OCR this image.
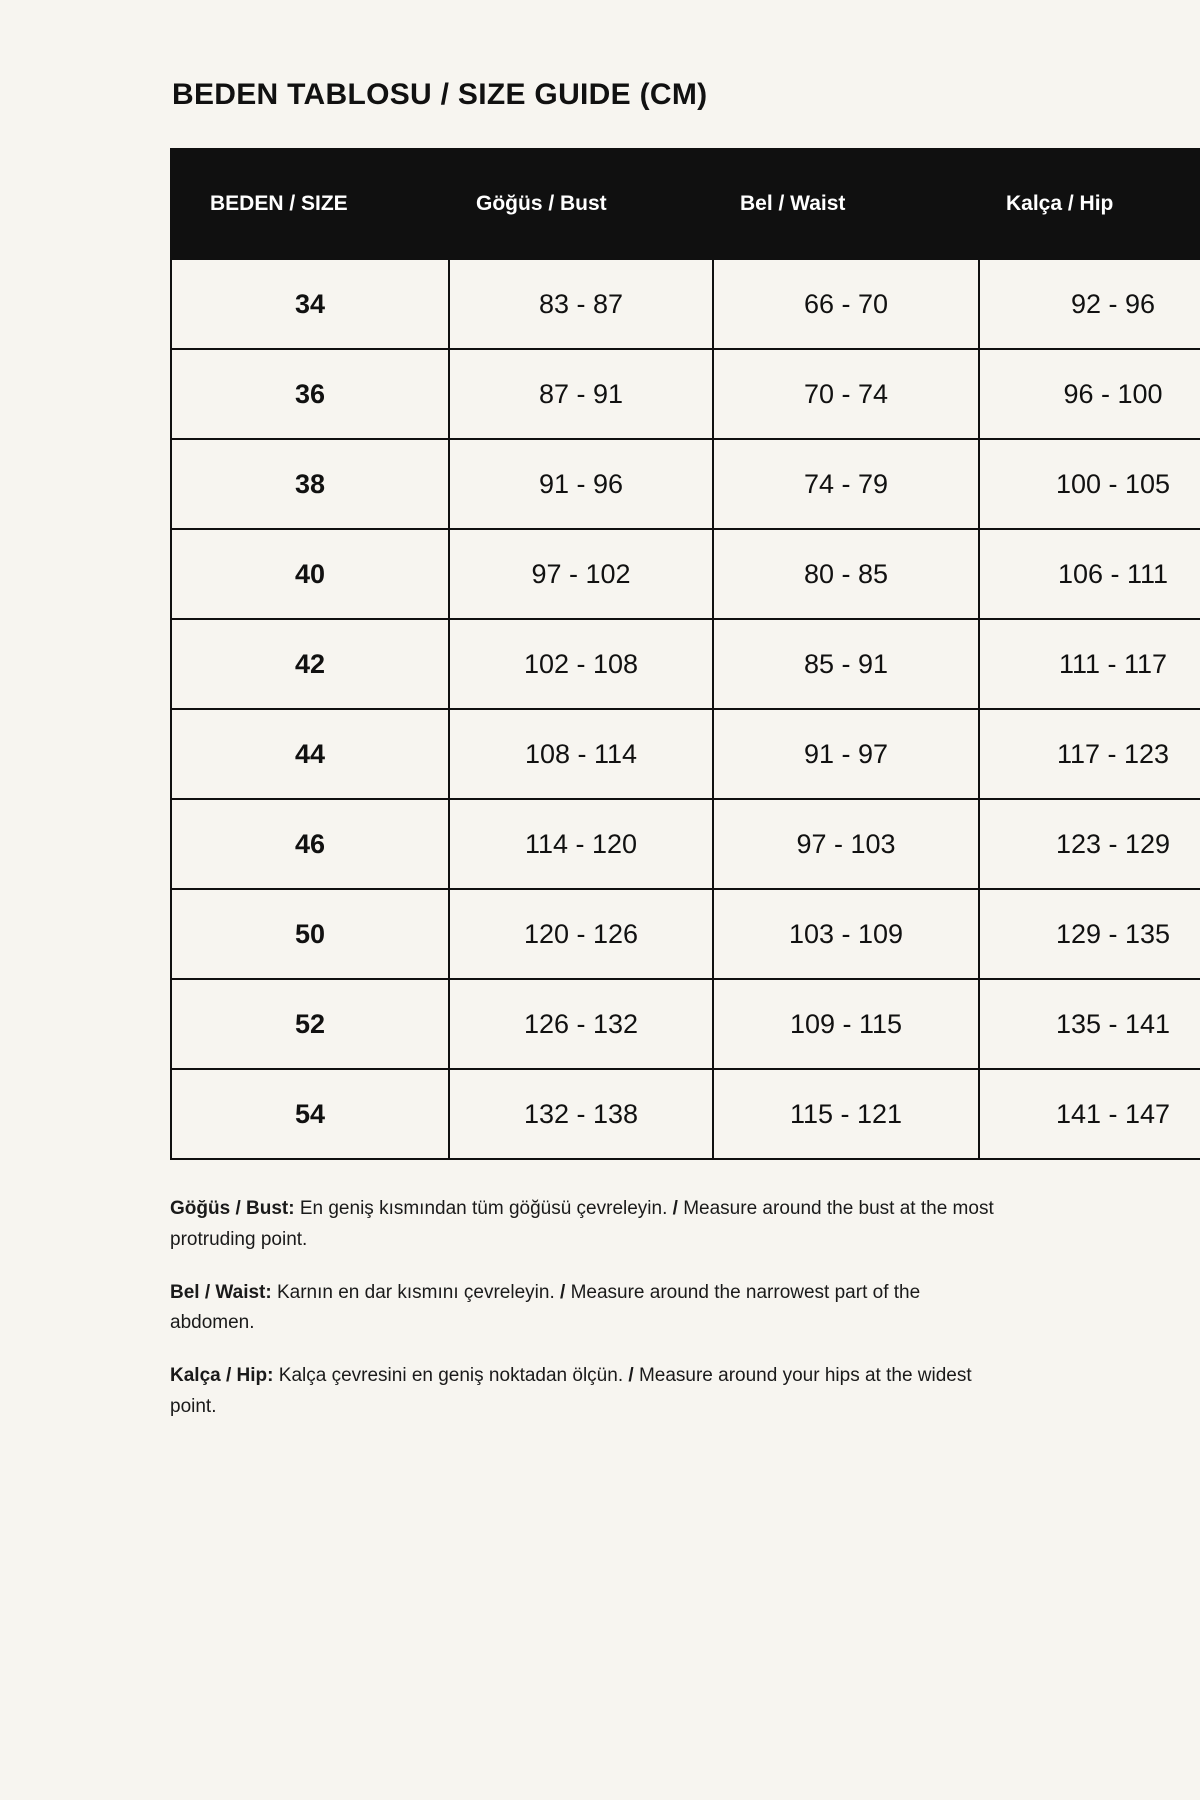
BEDEN TABLOSU / SIZE GUIDE (CM)
BEDEN / SIZE	Göğüs / Bust	Bel / Waist	Kalça / Hip
34	83 - 87	66 - 70	92 - 96
36	87 - 91	70 - 74	96 - 100
38	91 - 96	74 - 79	100 - 105
40	97 - 102	80 - 85	106 - 111
42	102 - 108	85 - 91	111 - 117
44	108 - 114	91 - 97	117 - 123
46	114 - 120	97 - 103	123 - 129
50	120 - 126	103 - 109	129 - 135
52	126 - 132	109 - 115	135 - 141
54	132 - 138	115 - 121	141 - 147

Göğüs / Bust: En geniş kısmından tüm göğüsü çevreleyin. / Measure around the bust at the most protruding point.

Bel / Waist: Karnın en dar kısmını çevreleyin. / Measure around the narrowest part of the abdomen.

Kalça / Hip: Kalça çevresini en geniş noktadan ölçün. / Measure around your hips at the widest point.
